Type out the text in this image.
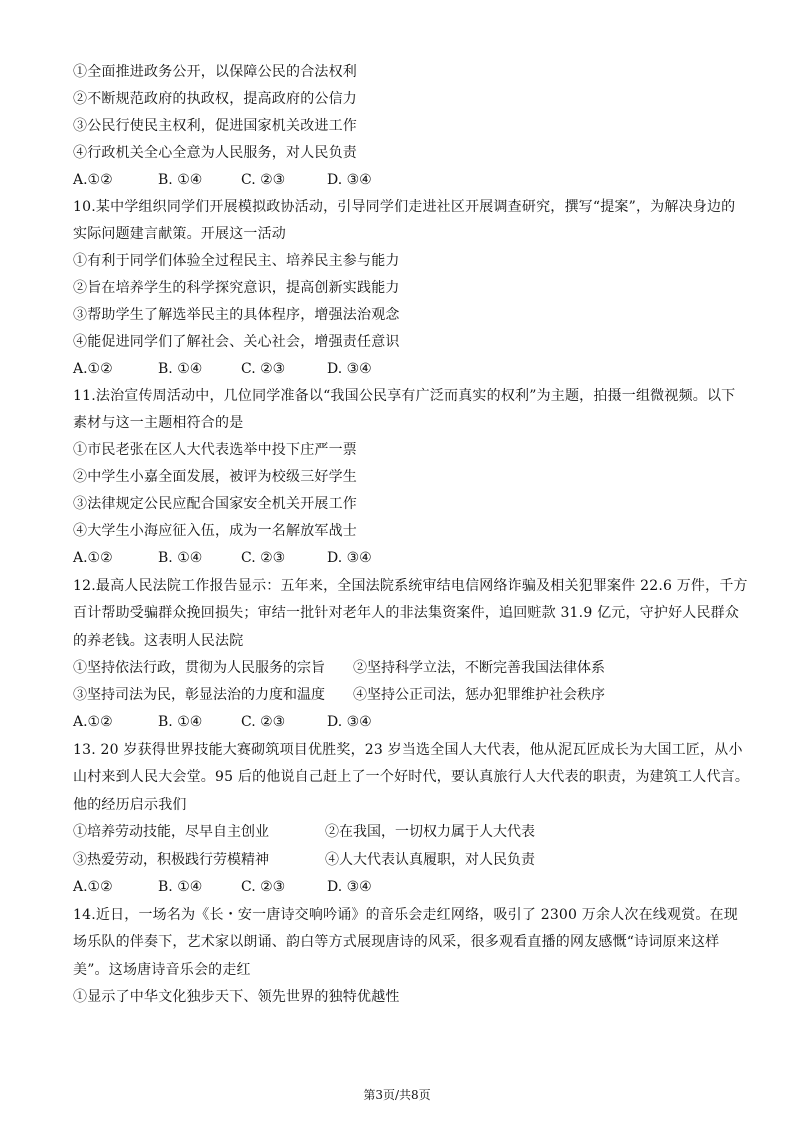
①全面推进政务公开，以保障公民的合法权利
②不断规范政府的执政权，提高政府的公信力
③公民行使民主权利，促进国家机关改进工作
④行政机关全心全意为人民服务，对人民负责
A.①②	B. ①④	C. ②③	D. ③④
10.某中学组织同学们开展模拟政协活动，引导同学们走进社区开展调查研究，撰写“提案”，为解决身边的
实际问题建言献策。开展这一活动
①有利于同学们体验全过程民主、培养民主参与能力
②旨在培养学生的科学探究意识，提高创新实践能力
③帮助学生了解选举民主的具体程序，增强法治观念
④能促进同学们了解社会、关心社会，增强责任意识
A.①②	B. ①④	C. ②③	D. ③④
11.法治宣传周活动中，几位同学准备以“我国公民享有广泛而真实的权利”为主题，拍摄一组微视频。以下
素材与这一主题相符合的是
①市民老张在区人大代表选举中投下庄严一票
②中学生小嘉全面发展，被评为校级三好学生
③法律规定公民应配合国家安全机关开展工作
④大学生小海应征入伍，成为一名解放军战士
A.①②	B. ①④	C. ②③	D. ③④
12.最高人民法院工作报告显示：五年来，全国法院系统审结电信网络诈骗及相关犯罪案件 22.6 万件，千方
百计帮助受骗群众挽回损失；审结一批针对老年人的非法集资案件，追回赃款 31.9 亿元，守护好人民群众
的养老钱。这表明人民法院
①坚持依法行政，贯彻为人民服务的宗旨 ②坚持科学立法，不断完善我国法律体系
③坚持司法为民，彰显法治的力度和温度 ④坚持公正司法，惩办犯罪维护社会秩序
A.①②	B. ①④	C. ②③	D. ③④
13. 20 岁获得世界技能大赛砌筑项目优胜奖，23 岁当选全国人大代表，他从泥瓦匠成长为大国工匠，从小
山村来到人民大会堂。95 后的他说自己赶上了一个好时代，要认真旅行人大代表的职责，为建筑工人代言。
他的经历启示我们
①培养劳动技能，尽早自主创业	②在我国，一切权力属于人大代表
③热爱劳动，积极践行劳模精神	④人大代表认真履职，对人民负责
A.①②	B. ①④	C. ②③	D. ③④
14.近日，一场名为《长・安一唐诗交响吟诵》的音乐会走红网络，吸引了 2300 万余人次在线观赏。在现
场乐队的伴奏下，艺术家以朗诵、韵白等方式展现唐诗的风采，很多观看直播的网友感慨“诗词原来这样
美”。这场唐诗音乐会的走红
①显示了中华文化独步天下、领先世界的独特优越性
第3页/共8页
